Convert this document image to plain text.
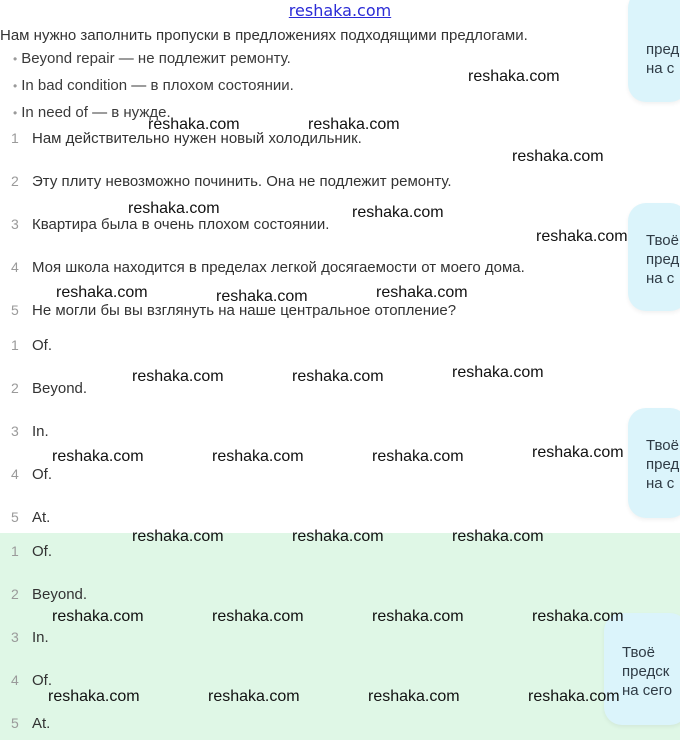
reshaka.com
Нам нужно заполнить пропуски в предложениях подходящими предлогами.
• Beyond repair — не подлежит ремонту.
• In bad condition — в плохом состоянии.
• In need of — в нужде.
1 Нам действительно нужен новый холодильник.
2 Эту плиту невозможно починить. Она не подлежит ремонту.
3 Квартира была в очень плохом состоянии.
4 Моя школа находится в пределах легкой досягаемости от моего дома.
5 Не могли бы вы взглянуть на наше центральное отопление?
1 Of.
2 Beyond.
3 In.
4 Of.
5 At.
1 Of.
2 Beyond.
3 In.
4 Of.
5 At.
пред
на с
Твоё
пред
на с
Твоё
пред
на с
Твоё
предск
на сего
reshaka.com
reshaka.com	reshaka.com
reshaka.com
reshaka.com	reshaka.com
reshaka.com
reshaka.com	reshaka.com	reshaka.com
reshaka.com	reshaka.com	reshaka.com
reshaka.com	reshaka.com	reshaka.com	reshaka.com
reshaka.com	reshaka.com	reshaka.com
reshaka.com	reshaka.com	reshaka.com	reshaka.com
reshaka.com	reshaka.com	reshaka.com	reshaka.com
